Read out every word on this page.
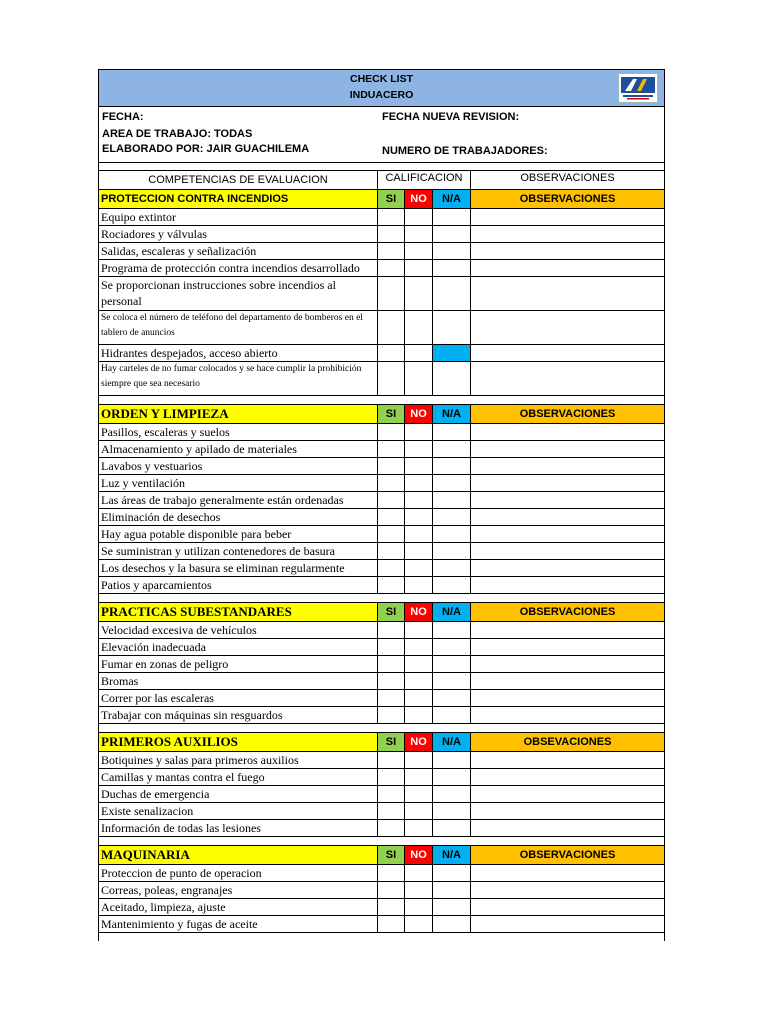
CHECK LIST
INDUACERO
FECHA:	FECHA NUEVA REVISION:
AREA DE TRABAJO: TODAS
ELABORADO POR: JAIR GUACHILEMA	NUMERO DE TRABAJADORES:
COMPETENCIAS DE EVALUACION	CALIFICACION	OBSERVACIONES
PROTECCION CONTRA INCENDIOS	SI	NO	N/A	OBSERVACIONES
Equipo extintor
Rociadores y válvulas
Salidas, escaleras y señalización
Programa de protección contra incendios desarrollado
Se proporcionan instrucciones sobre incendios al personal
Se coloca el número de teléfono del departamento de bomberos en el tablero de anuncios
Hidrantes despejados, acceso abierto
Hay carteles de no fumar colocados y se hace cumplir la prohibición siempre que sea necesario
ORDEN Y LIMPIEZA	SI	NO	N/A	OBSERVACIONES
Pasillos, escaleras y suelos
Almacenamiento y apilado de materiales
Lavabos y vestuarios
Luz y ventilación
Las áreas de trabajo generalmente están ordenadas
Eliminación de desechos
Hay agua potable disponible para beber
Se suministran y utilizan contenedores de basura
Los desechos y la basura se eliminan regularmente
Patios y aparcamientos
PRACTICAS SUBESTANDARES	SI	NO	N/A	OBSERVACIONES
Velocidad excesiva de vehículos
Elevación inadecuada
Fumar en zonas de peligro
Bromas
Correr por las escaleras
Trabajar con máquinas sin resguardos
PRIMEROS AUXILIOS	SI	NO	N/A	OBSEVACIONES
Botiquines y salas para primeros auxilios
Camillas y mantas contra el fuego
Duchas de emergencia
Existe senalizacion
Información de todas las lesiones
MAQUINARIA	SI	NO	N/A	OBSERVACIONES
Proteccion de punto de operacion
Correas, poleas, engranajes
Aceitado, limpieza, ajuste
Mantenimiento y fugas de aceite
